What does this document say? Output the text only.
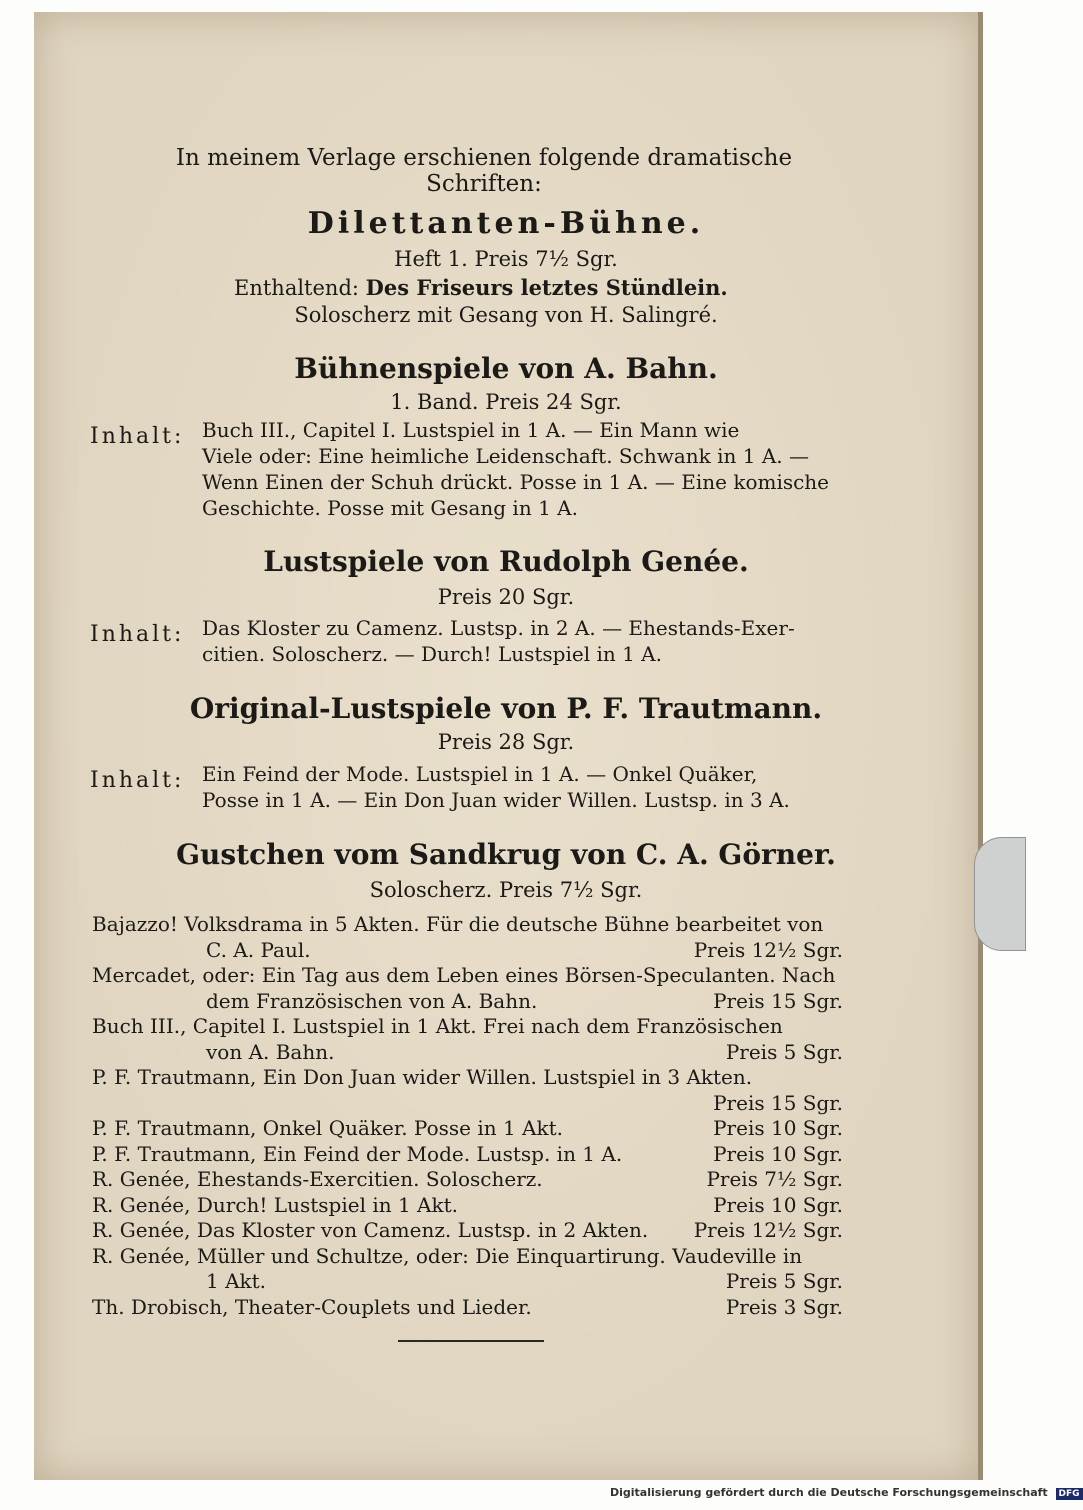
In meinem Verlage erschienen folgende dramatische Schriften:
Dilettanten-Bühne.
Heft 1. Preis 7½ Sgr.
Enthaltend: Des Friseurs letztes Stündlein.
Soloscherz mit Gesang von H. Salingré.
Bühnenspiele von A. Bahn.
1. Band. Preis 24 Sgr.
Inhalt: Buch III., Capitel I. Lustspiel in 1 A. — Ein Mann wie
Viele oder: Eine heimliche Leidenschaft. Schwank in 1 A. —
Wenn Einen der Schuh drückt. Posse in 1 A. — Eine komische
Geschichte. Posse mit Gesang in 1 A.
Lustspiele von Rudolph Genée.
Preis 20 Sgr.
Inhalt: Das Kloster zu Camenz. Lustsp. in 2 A. — Ehestands-Exer-
citien. Soloscherz. — Durch! Lustspiel in 1 A.
Original-Lustspiele von P. F. Trautmann.
Preis 28 Sgr.
Inhalt: Ein Feind der Mode. Lustspiel in 1 A. — Onkel Quäker,
Posse in 1 A. — Ein Don Juan wider Willen. Lustsp. in 3 A.
Gustchen vom Sandkrug von C. A. Görner.
Soloscherz. Preis 7½ Sgr.
Bajazzo! Volksdrama in 5 Akten. Für die deutsche Bühne bearbeitet von
C. A. Paul.	Preis 12½ Sgr.
Mercadet, oder: Ein Tag aus dem Leben eines Börsen-Speculanten. Nach
dem Französischen von A. Bahn.	Preis 15 Sgr.
Buch III., Capitel I. Lustspiel in 1 Akt. Frei nach dem Französischen
von A. Bahn.	Preis 5 Sgr.
P. F. Trautmann, Ein Don Juan wider Willen. Lustspiel in 3 Akten.
Preis 15 Sgr.
P. F. Trautmann, Onkel Quäker. Posse in 1 Akt.	Preis 10 Sgr.
P. F. Trautmann, Ein Feind der Mode. Lustsp. in 1 A.	Preis 10 Sgr.
R. Genée, Ehestands-Exercitien. Soloscherz.	Preis 7½ Sgr.
R. Genée, Durch! Lustspiel in 1 Akt.	Preis 10 Sgr.
R. Genée, Das Kloster von Camenz. Lustsp. in 2 Akten. Preis 12½ Sgr.
R. Genée, Müller und Schultze, oder: Die Einquartirung. Vaudeville in
1 Akt.	Preis 5 Sgr.
Th. Drobisch, Theater-Couplets und Lieder.	Preis 3 Sgr.
Digitalisierung gefördert durch die Deutsche Forschungsgemeinschaft DFG
